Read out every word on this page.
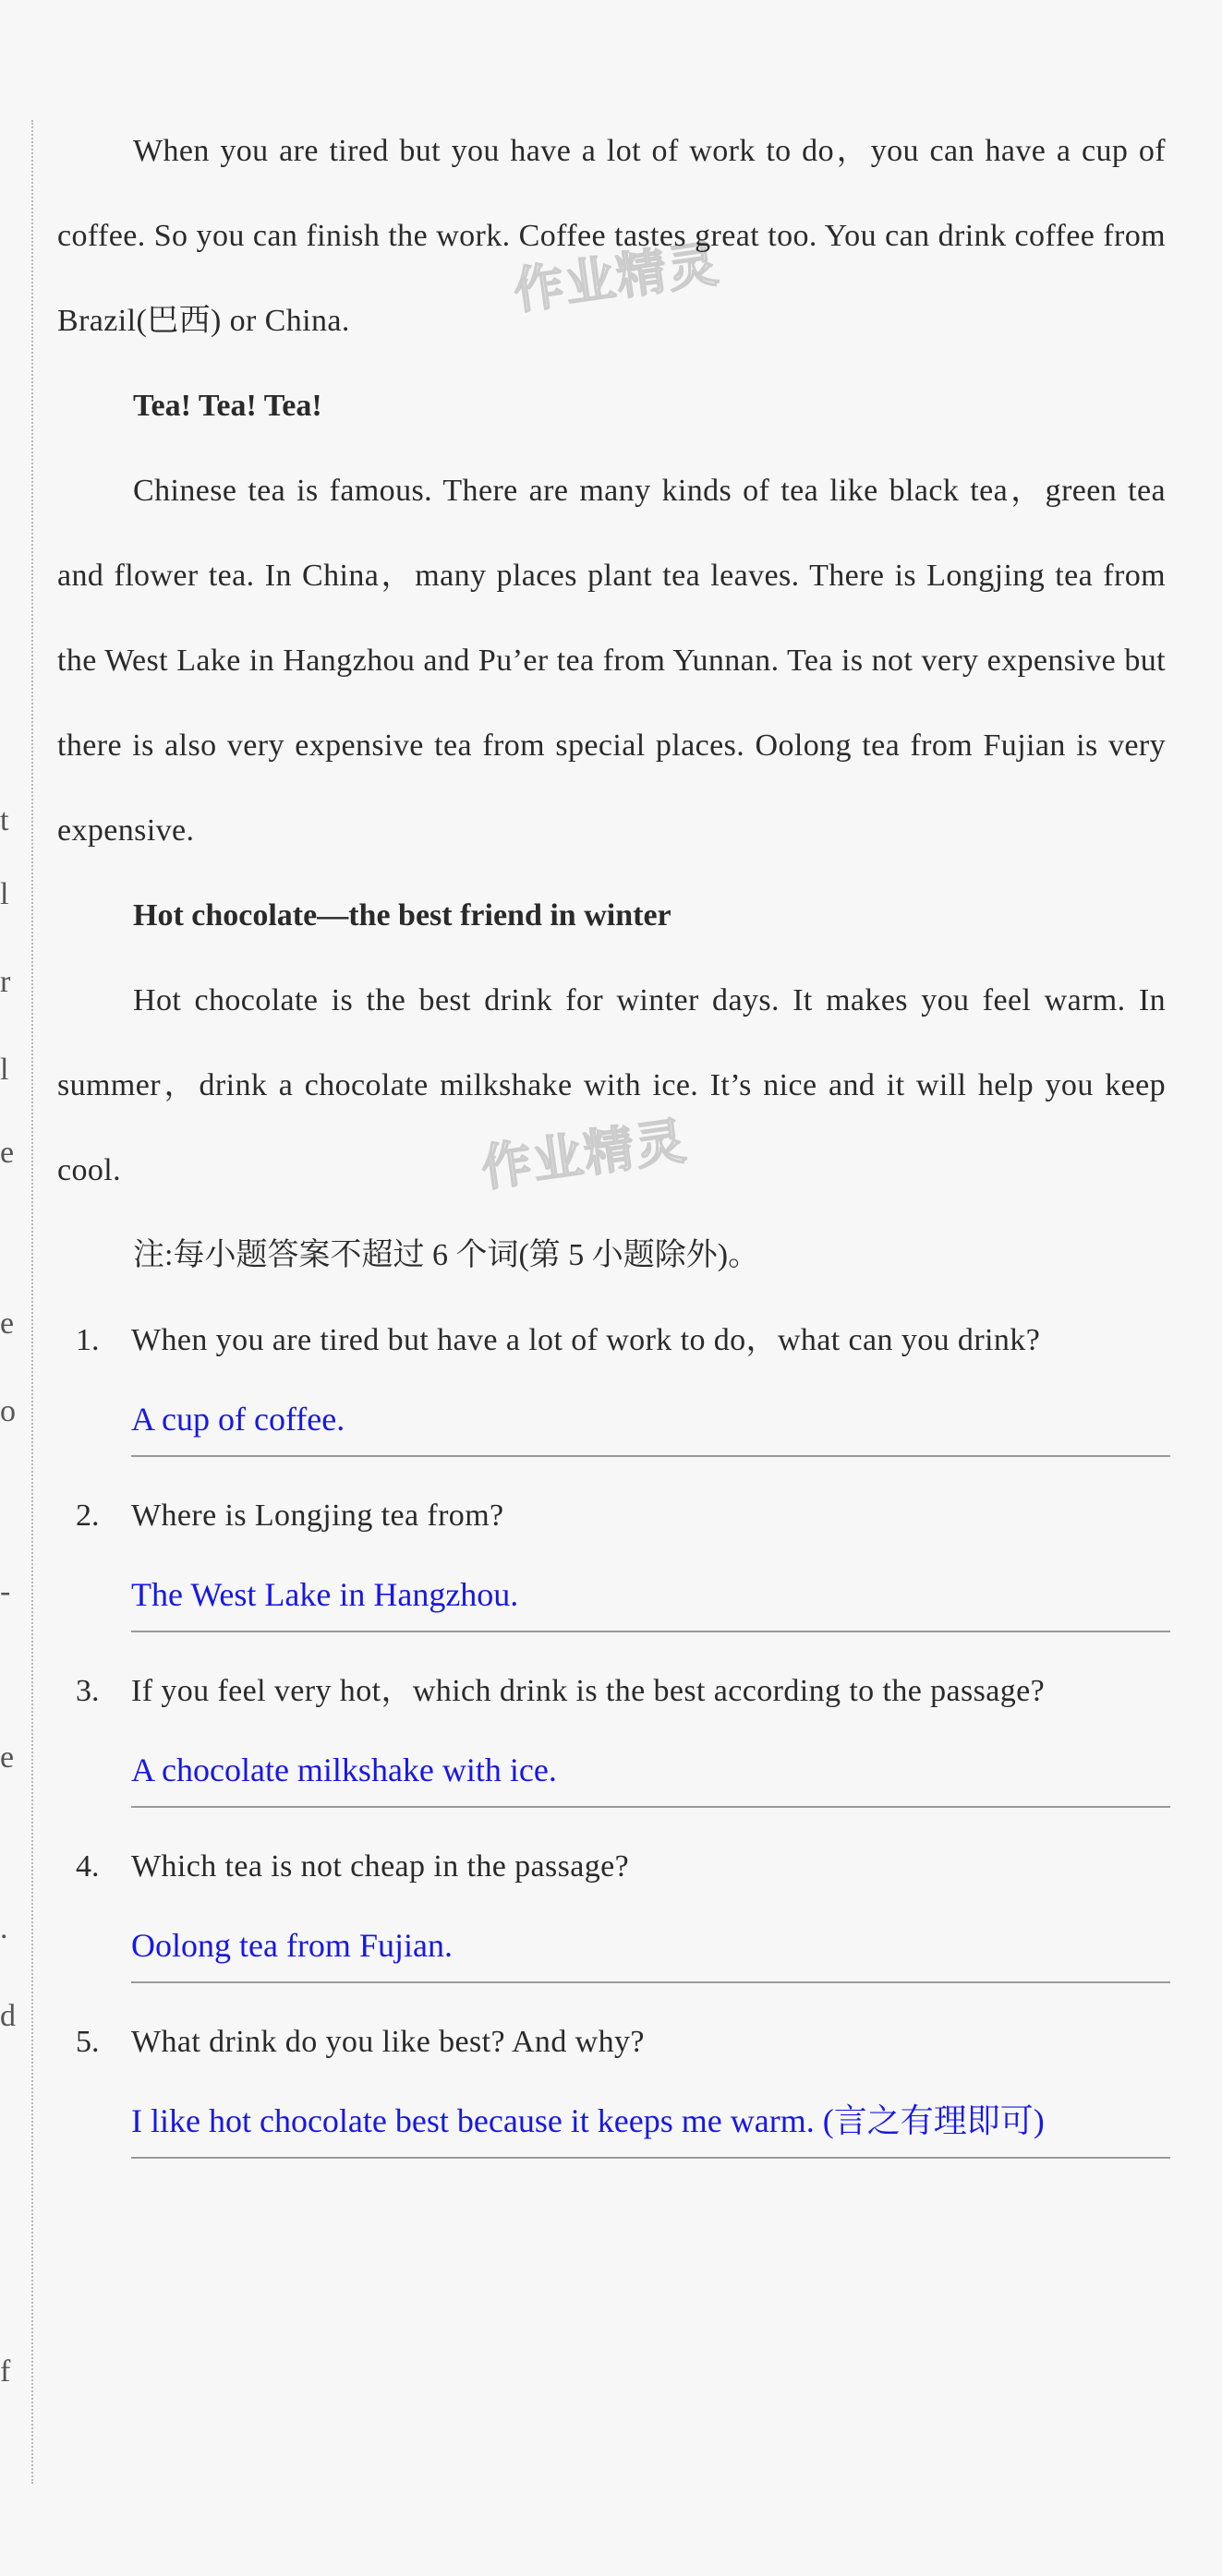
t
l
r
l
e
e
o
-
e
.
d
f
作业精灵
作业精灵

When you are tired but you have a lot of work to do，you can have a cup of coffee. So you can finish the work. Coffee tastes great too. You can drink coffee from Brazil(巴西) or China.

Tea! Tea! Tea!

Chinese tea is famous. There are many kinds of tea like black tea，green tea and flower tea. In China，many places plant tea leaves. There is Longjing tea from the West Lake in Hangzhou and Pu’er tea from Yunnan. Tea is not very expensive but there is also very expensive tea from special places. Oolong tea from Fujian is very expensive.

Hot chocolate—the best friend in winter

Hot chocolate is the best drink for winter days. It makes you feel warm. In summer，drink a chocolate milkshake with ice. It’s nice and it will help you keep cool.

注:每小题答案不超过 6 个词(第 5 小题除外)。

1.	When you are tired but have a lot of work to do，what can you drink?
A cup of coffee.
2.	Where is Longjing tea from?
The West Lake in Hangzhou.
3.	If you feel very hot，which drink is the best according to the passage?
A chocolate milkshake with ice.
4.	Which tea is not cheap in the passage?
Oolong tea from Fujian.
5.	What drink do you like best? And why?
I like hot chocolate best because it keeps me warm. (言之有理即可)
